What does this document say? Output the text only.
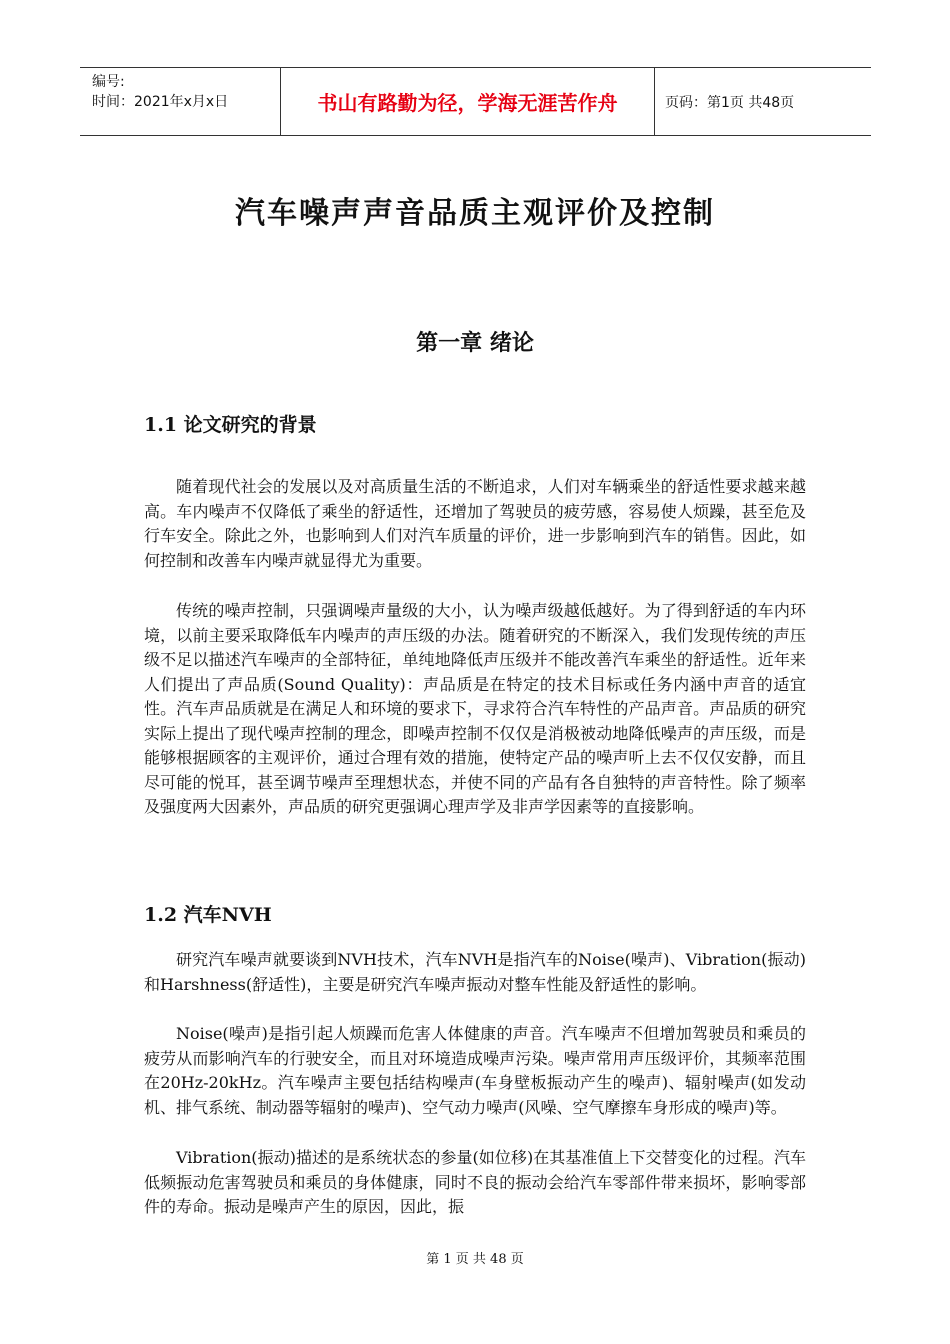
编号:
时间：2021年x月x日	书山有路勤为径，学海无涯苦作舟	页码：第1页 共48页
汽车噪声声音品质主观评价及控制
第一章 绪论
1.1 论文研究的背景

随着现代社会的发展以及对高质量生活的不断追求，人们对车辆乘坐的舒适性要求越来越高。车内噪声不仅降低了乘坐的舒适性，还增加了驾驶员的疲劳感，容易使人烦躁，甚至危及行车安全。除此之外，也影响到人们对汽车质量的评价，进一步影响到汽车的销售。因此，如何控制和改善车内噪声就显得尤为重要。

传统的噪声控制，只强调噪声量级的大小，认为噪声级越低越好。为了得到舒适的车内环境，以前主要采取降低车内噪声的声压级的办法。随着研究的不断深入，我们发现传统的声压级不足以描述汽车噪声的全部特征，单纯地降低声压级并不能改善汽车乘坐的舒适性。近年来人们提出了声品质(Sound Quality)：声品质是在特定的技术目标或任务内涵中声音的适宜性。汽车声品质就是在满足人和环境的要求下，寻求符合汽车特性的产品声音。声品质的研究实际上提出了现代噪声控制的理念，即噪声控制不仅仅是消极被动地降低噪声的声压级，而是能够根据顾客的主观评价，通过合理有效的措施，使特定产品的噪声听上去不仅仅安静，而且尽可能的悦耳，甚至调节噪声至理想状态，并使不同的产品有各自独特的声音特性。除了频率及强度两大因素外，声品质的研究更强调心理声学及非声学因素等的直接影响。

1.2 汽车NVH

研究汽车噪声就要谈到NVH技术，汽车NVH是指汽车的Noise(噪声)、Vibration(振动)和Harshness(舒适性)，主要是研究汽车噪声振动对整车性能及舒适性的影响。

Noise(噪声)是指引起人烦躁而危害人体健康的声音。汽车噪声不但增加驾驶员和乘员的疲劳从而影响汽车的行驶安全，而且对环境造成噪声污染。噪声常用声压级评价，其频率范围在20Hz-20kHz。汽车噪声主要包括结构噪声(车身壁板振动产生的噪声)、辐射噪声(如发动机、排气系统、制动器等辐射的噪声)、空气动力噪声(风噪、空气摩擦车身形成的噪声)等。

Vibration(振动)描述的是系统状态的参量(如位移)在其基准值上下交替变化的过程。汽车低频振动危害驾驶员和乘员的身体健康，同时不良的振动会给汽车零部件带来损坏，影响零部件的寿命。振动是噪声产生的原因，因此，振

第 1 页 共 48 页
